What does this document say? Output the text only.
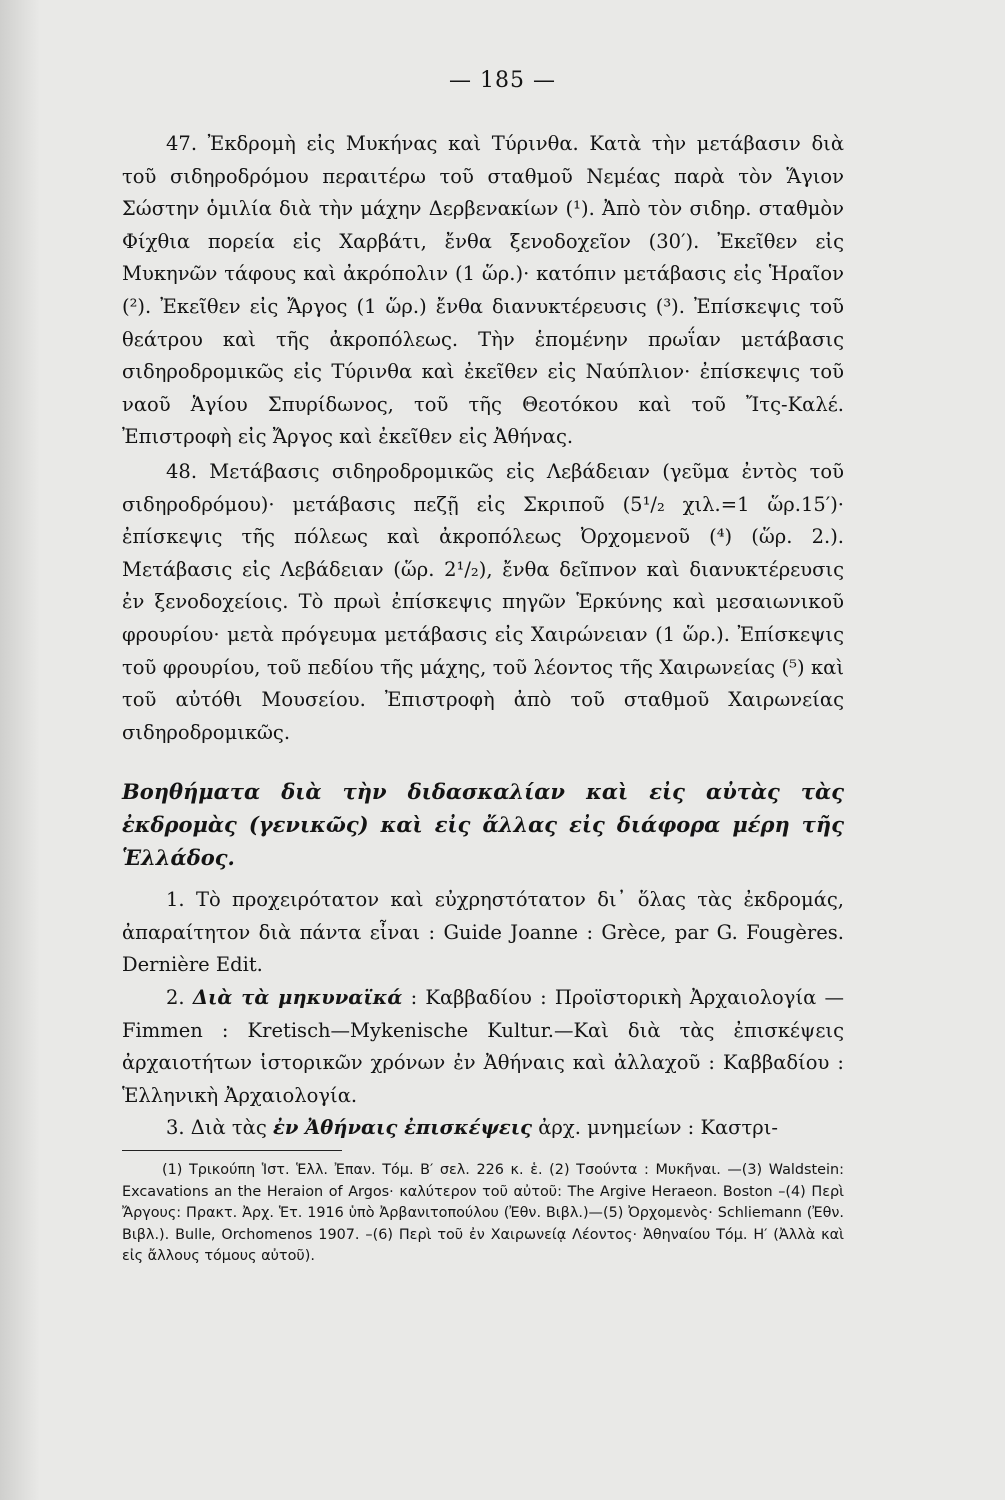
— 185 —

47. Ἐκδρομὴ εἰς Μυκήνας καὶ Τύρινθα. Κατὰ τὴν μετάβασιν διὰ τοῦ σιδηροδρόμου περαιτέρω τοῦ σταθμοῦ Νεμέας παρὰ τὸν Ἅγιον Σώστην ὁμιλία διὰ τὴν μάχην Δερβενακίων (¹). Ἀπὸ τὸν σιδηρ. σταθμὸν Φίχθια πορεία εἰς Χαρβάτι, ἔνθα ξενοδοχεῖον (30′). Ἐκεῖθεν εἰς Μυκηνῶν τάφους καὶ ἀκρόπολιν (1 ὥρ.)· κατόπιν μετάβασις εἰς Ἡραῖον (²). Ἐκεῖθεν εἰς Ἄργος (1 ὥρ.) ἔνθα διανυκτέρευσις (³). Ἐπίσκεψις τοῦ θεάτρου καὶ τῆς ἀκροπόλεως. Τὴν ἑπομένην πρωΐαν μετάβασις σιδηροδρομικῶς εἰς Τύρινθα καὶ ἐκεῖθεν εἰς Ναύπλιον· ἐπίσκεψις τοῦ ναοῦ Ἁγίου Σπυρίδωνος, τοῦ τῆς Θεοτόκου καὶ τοῦ Ἴτς-Καλέ. Ἐπιστροφὴ εἰς Ἄργος καὶ ἐκεῖθεν εἰς Ἀθήνας.

48. Μετάβασις σιδηροδρομικῶς εἰς Λεβάδειαν (γεῦμα ἐντὸς τοῦ σιδηροδρόμου)· μετάβασις πεζῇ εἰς Σκριποῦ (5¹/₂ χιλ.=1 ὥρ.15′)· ἐπίσκεψις τῆς πόλεως καὶ ἀκροπόλεως Ὀρχομενοῦ (⁴) (ὥρ. 2.). Μετάβασις εἰς Λεβάδειαν (ὥρ. 2¹/₂), ἔνθα δεῖπνον καὶ διανυκτέρευσις ἐν ξενοδοχείοις. Τὸ πρωὶ ἐπίσκεψις πηγῶν Ἑρκύνης καὶ μεσαιωνικοῦ φρουρίου· μετὰ πρόγευμα μετάβασις εἰς Χαιρώνειαν (1 ὥρ.). Ἐπίσκεψις τοῦ φρουρίου, τοῦ πεδίου τῆς μάχης, τοῦ λέοντος τῆς Χαιρωνείας (⁵) καὶ τοῦ αὐτόθι Μουσείου. Ἐπιστροφὴ ἀπὸ τοῦ σταθμοῦ Χαιρωνείας σιδηροδρομικῶς.

Βοηθήματα διὰ τὴν διδασκαλίαν καὶ εἰς αὐτὰς τὰς ἐκδρομὰς (γενικῶς) καὶ εἰς ἄλλας εἰς διάφορα μέρη τῆς Ἑλλάδος.

1. Τὸ προχειρότατον καὶ εὐχρηστότατον δι᾽ ὅλας τὰς ἐκδρομάς, ἀπαραίτητον διὰ πάντα εἶναι : Guide Joanne : Grèce, par G. Fougères. Dernière Edit.

2. Διὰ τὰ μηκυναϊκά : Καββαδίου : Προϊστορικὴ Ἀρχαιολογία —Fimmen : Kretisch—Mykenische Kultur.—Καὶ διὰ τὰς ἐπισκέψεις ἀρχαιοτήτων ἱστορικῶν χρόνων ἐν Ἀθήναις καὶ ἀλλαχοῦ : Καββαδίου : Ἑλληνικὴ Ἀρχαιολογία.

3. Διὰ τὰς ἐν Ἀθήναις ἐπισκέψεις ἀρχ. μνημείων : Καστρι-

(1) Τρικούπη Ἱστ. Ἑλλ. Ἐπαν. Τόμ. Β′ σελ. 226 κ. ἑ. (2) Τσούντα : Μυκῆναι. —(3) Waldstein: Excavations an the Heraion of Argos· καλύτερον τοῦ αὐτοῦ: The Argive Heraeon. Boston –(4) Περὶ Ἄργους: Πρακτ. Ἀρχ. Ἑτ. 1916 ὑπὸ Ἀρβανιτοπούλου (Ἐθν. Βιβλ.)—(5) Ὀρχομενὸς· Schliemann (Ἐθν. Βιβλ.). Bulle, Orchomenos 1907. –(6) Περὶ τοῦ ἐν Χαιρωνείᾳ Λέοντος· Ἀθηναίου Τόμ. Η′ (Ἀλλὰ καὶ εἰς ἄλλους τόμους αὐτοῦ).
